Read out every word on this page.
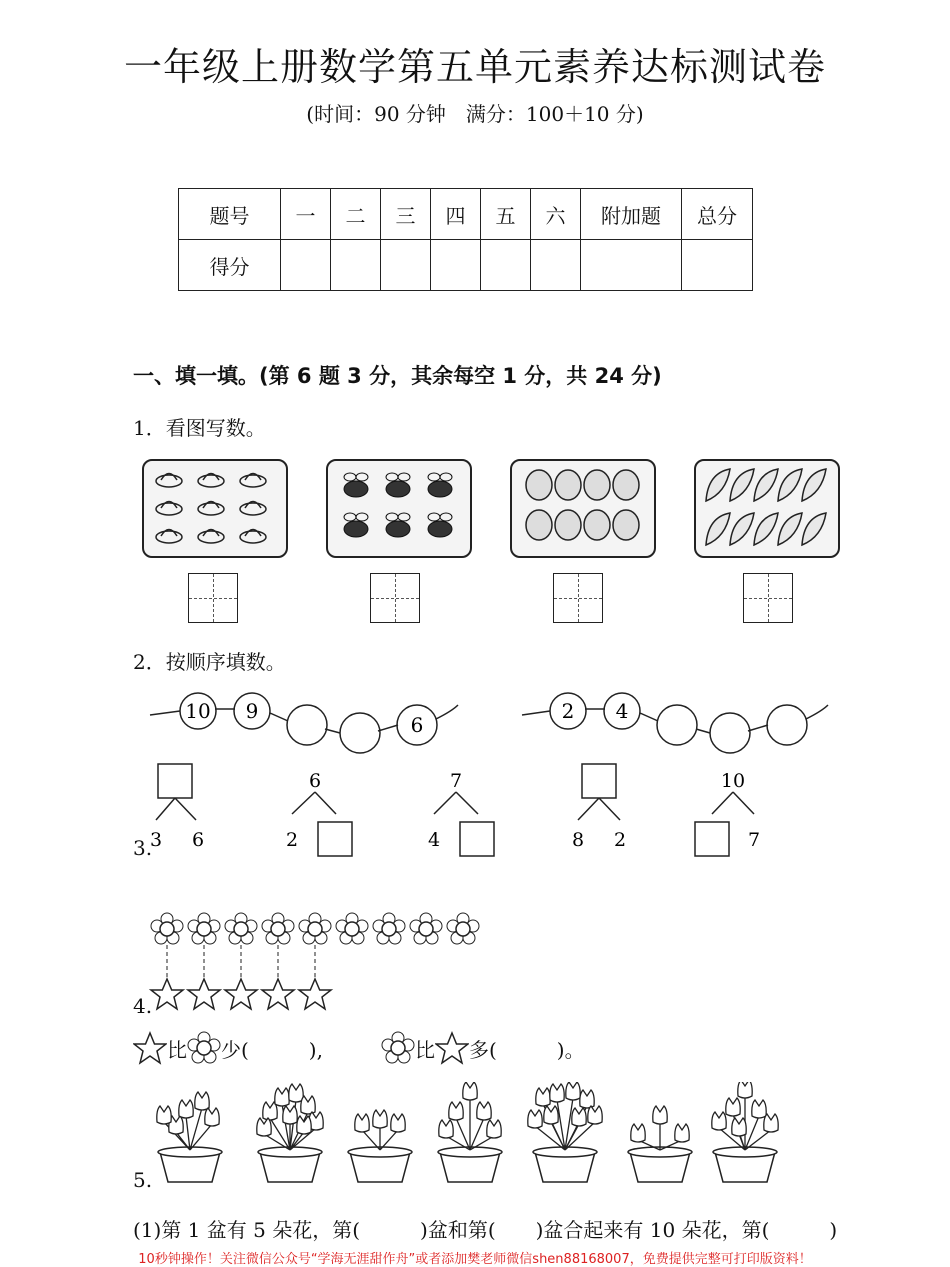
一年级上册数学第五单元素养达标测试卷
(时间：90 分钟　满分：100＋10 分)
题号	一	二	三	四	五	六	附加题	总分
得分								
一、填一填。(第 6 题 3 分，其余每空 1 分，共 24 分)
1．看图写数。
2．按顺序填数。
10 9
6
2 4
3.
6	7	10
3 6	2	4	8 2	7
4.
比 少(　　　),	比 多(　　　)。
5.
(1)第 1 盆有 5 朵花，第(　　　)盆和第(　　)盆合起来有 10 朵花，第(　　　)
10秒钟操作！关注微信公众号“学海无涯甜作舟”或者添加樊老师微信shen88168007，免费提供完整可打印版资料！
